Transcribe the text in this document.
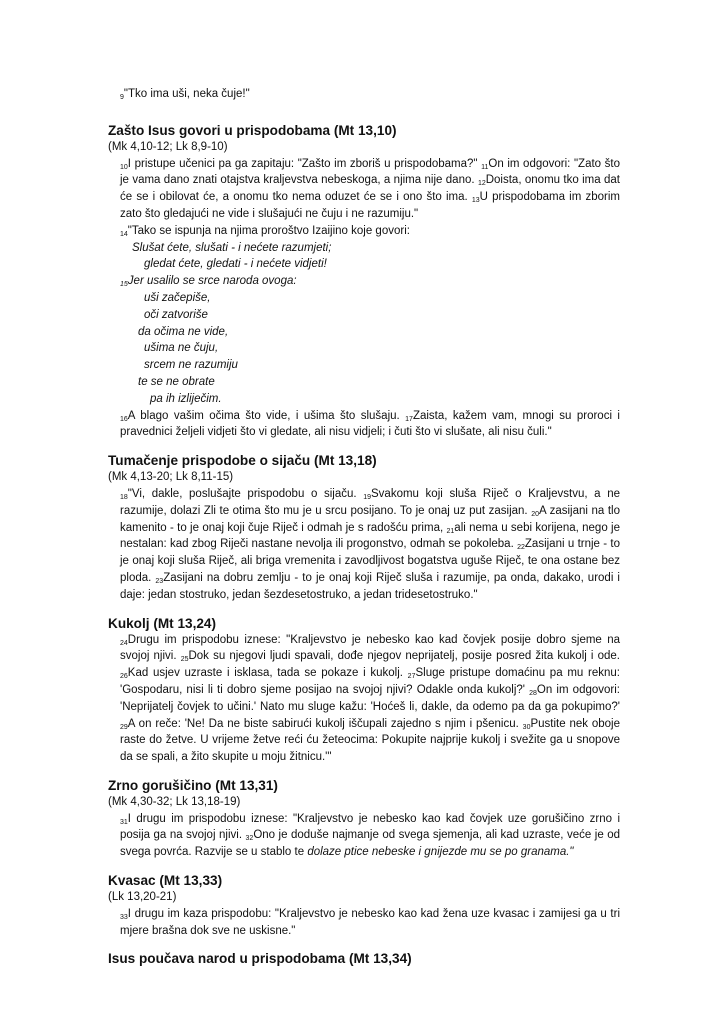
$_9$"Tko ima uši, neka čuje!"

Zašto Isus govori u prispodobama (Mt 13,10)

(Mk 4,10-12; Lk 8,9-10)

$_{10}$I pristupe učenici pa ga zapitaju: "Zašto im zboriš u prispodobama?" $_{11}$On im odgovori: "Zato što je vama dano znati otajstva kraljevstva nebeskoga, a njima nije dano. $_{12}$Doista, onomu tko ima dat će se i obilovat će, a onomu tko nema oduzet će se i ono što ima. $_{13}$U prispodobama im zborim zato što gledajući ne vide i slušajući ne čuju i ne razumiju."

$_{14}$"Tako se ispunja na njima proroštvo Izaijino koje govori:

Slušat ćete, slušati - i nećete razumjeti;

gledat ćete, gledati - i nećete vidjeti!

$_{15}$Jer usalilo se srce naroda ovoga:

uši začepiše,

oči zatvoriše

da očima ne vide,

ušima ne čuju,

srcem ne razumiju

te se ne obrate

pa ih izliječim.

$_{16}$A blago vašim očima što vide, i ušima što slušaju. $_{17}$Zaista, kažem vam, mnogi su proroci i pravednici željeli vidjeti što vi gledate, ali nisu vidjeli; i čuti što vi slušate, ali nisu čuli."

Tumačenje prispodobe o sijaču (Mt 13,18)

(Mk 4,13-20; Lk 8,11-15)

$_{18}$"Vi, dakle, poslušajte prispodobu o sijaču. $_{19}$Svakomu koji sluša Riječ o Kraljevstvu, a ne razumije, dolazi Zli te otima što mu je u srcu posijano. To je onaj uz put zasijan. $_{20}$A zasijani na tlo kamenito - to je onaj koji čuje Riječ i odmah je s radošću prima, $_{21}$ali nema u sebi korijena, nego je nestalan: kad zbog Riječi nastane nevolja ili progonstvo, odmah se pokoleba. $_{22}$Zasijani u trnje - to je onaj koji sluša Riječ, ali briga vremenita i zavodljivost bogatstva uguše Riječ, te ona ostane bez ploda. $_{23}$Zasijani na dobru zemlju - to je onaj koji Riječ sluša i razumije, pa onda, dakako, urodi i daje: jedan stostruko, jedan šezdesetostruko, a jedan tridesetostruko."

Kukolj (Mt 13,24)

$_{24}$Drugu im prispodobu iznese: "Kraljevstvo je nebesko kao kad čovjek posije dobro sjeme na svojoj njivi. $_{25}$Dok su njegovi ljudi spavali, dođe njegov neprijatelj, posije posred žita kukolj i ode. $_{26}$Kad usjev uzraste i isklasa, tada se pokaze i kukolj. $_{27}$Sluge pristupe domaćinu pa mu reknu: 'Gospodaru, nisi li ti dobro sjeme posijao na svojoj njivi? Odakle onda kukolj?' $_{28}$On im odgovori: 'Neprijatelj čovjek to učini.' Nato mu sluge kažu: 'Hoćeš li, dakle, da odemo pa da ga pokupimo?' $_{29}$A on reče: 'Ne! Da ne biste sabirući kukolj iščupali zajedno s njim i pšenicu. $_{30}$Pustite nek oboje raste do žetve. U vrijeme žetve reći ću žeteocima: Pokupite najprije kukolj i svežite ga u snopove da se spali, a žito skupite u moju žitnicu.'"

Zrno gorušičino (Mt 13,31)

(Mk 4,30-32; Lk 13,18-19)

$_{31}$I drugu im prispodobu iznese: "Kraljevstvo je nebesko kao kad čovjek uze gorušičino zrno i posija ga na svojoj njivi. $_{32}$Ono je doduše najmanje od svega sjemenja, ali kad uzraste, veće je od svega povrća. Razvije se u stablo te dolaze ptice nebeske i gnijezde mu se po granama."

Kvasac (Mt 13,33)

(Lk 13,20-21)

$_{33}$I drugu im kaza prispodobu: "Kraljevstvo je nebesko kao kad žena uze kvasac i zamijesi ga u tri mjere brašna dok sve ne uskisne."

Isus poučava narod u prispodobama (Mt 13,34)
